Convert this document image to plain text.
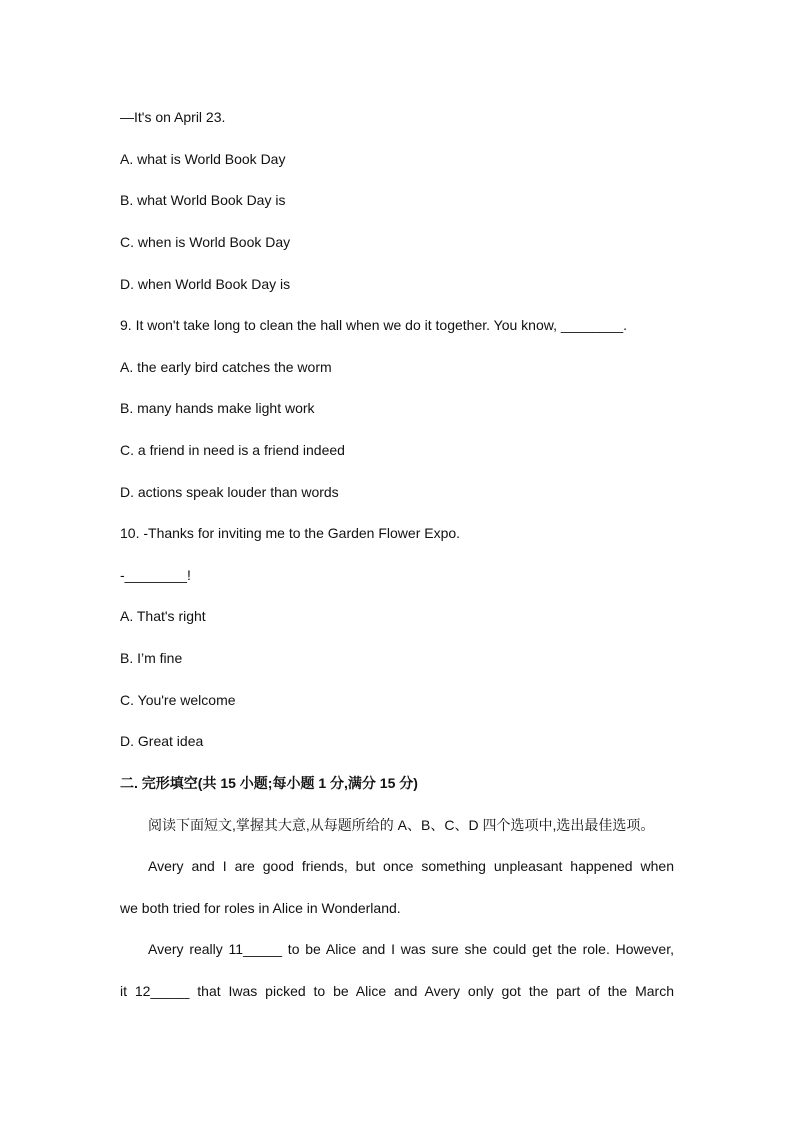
—It's on April 23.
A. what is World Book Day
B. what World Book Day is
C. when is World Book Day
D. when World Book Day is
9. It won't take long to clean the hall when we do it together. You know, ________.
A. the early bird catches the worm
B. many hands make light work
C. a friend in need is a friend indeed
D. actions speak louder than words
10. -Thanks for inviting me to the Garden Flower Expo.
-________!
A. That's right
B. I’m fine
C. You're welcome
D. Great idea
二. 完形填空(共 15 小题;每小题 1 分,满分 15 分)
阅读下面短文,掌握其大意,从每题所给的 A、B、C、D 四个选项中,选出最佳选项。
Avery and I are good friends, but once something unpleasant happened when
we both tried for roles in Alice in Wonderland.
Avery really 11_____ to be Alice and I was sure she could get the role. However,
it 12_____ that Iwas picked to be Alice and Avery only got the part of the March
